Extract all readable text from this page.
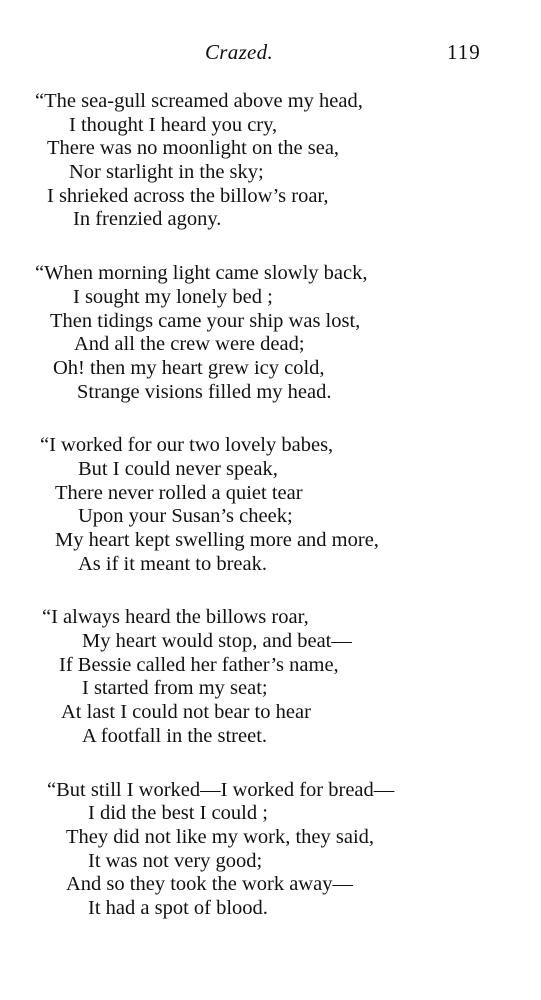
Crazed.	119
“The sea-gull screamed above my head,
I thought I heard you cry,
There was no moonlight on the sea,
Nor starlight in the sky;
I shrieked across the billow’s roar,
In frenzied agony.
“When morning light came slowly back,
I sought my lonely bed ;
Then tidings came your ship was lost,
And all the crew were dead;
Oh! then my heart grew icy cold,
Strange visions filled my head.
“I worked for our two lovely babes,
But I could never speak,
There never rolled a quiet tear
Upon your Susan’s cheek;
My heart kept swelling more and more,
As if it meant to break.
“I always heard the billows roar,
My heart would stop, and beat—
If Bessie called her father’s name,
I started from my seat;
At last I could not bear to hear
A footfall in the street.
“But still I worked—I worked for bread—
I did the best I could ;
They did not like my work, they said,
It was not very good;
And so they took the work away—
It had a spot of blood.
